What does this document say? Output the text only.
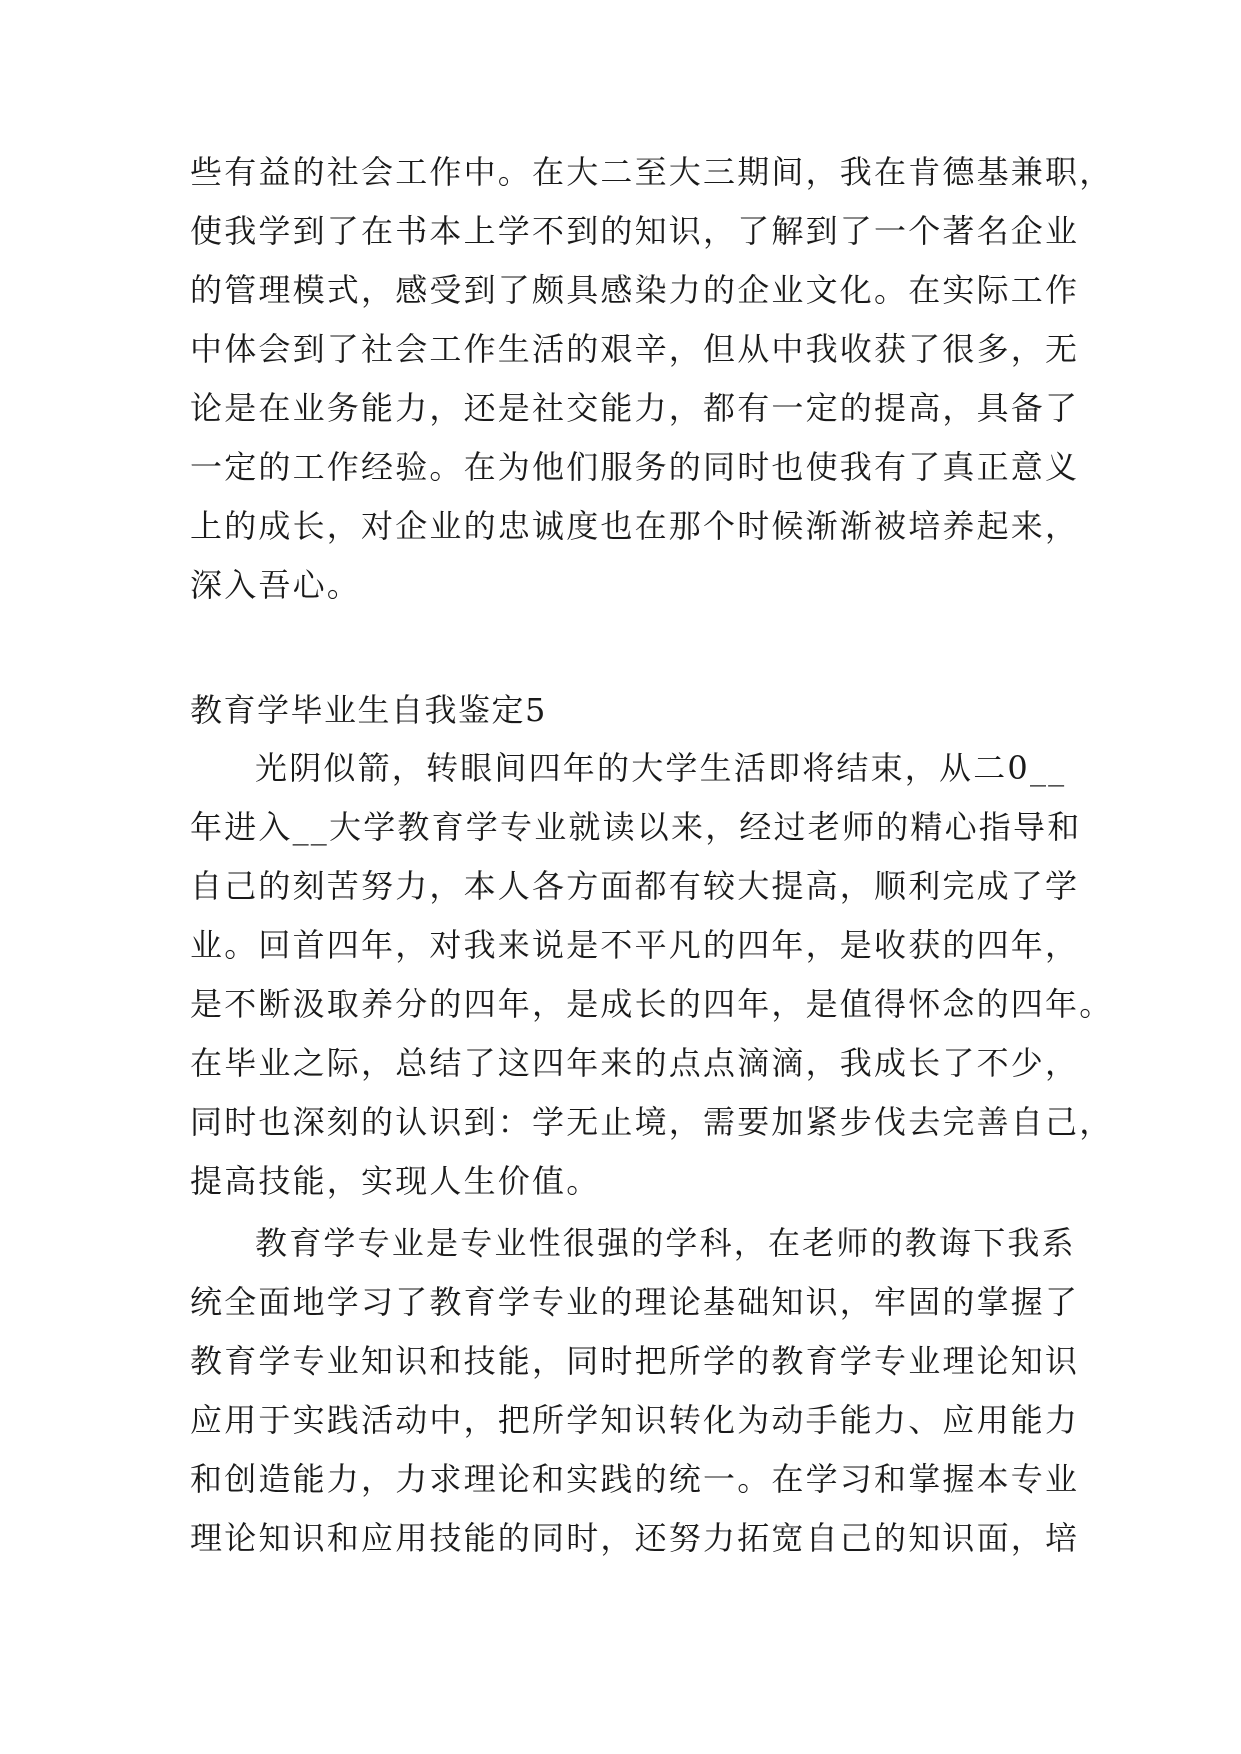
些有益的社会工作中。在大二至大三期间，我在肯德基兼职，
使我学到了在书本上学不到的知识，了解到了一个著名企业
的管理模式，感受到了颇具感染力的企业文化。在实际工作
中体会到了社会工作生活的艰辛，但从中我收获了很多，无
论是在业务能力，还是社交能力，都有一定的提高，具备了
一定的工作经验。在为他们服务的同时也使我有了真正意义
上的成长，对企业的忠诚度也在那个时候渐渐被培养起来，
深入吾心。
教育学毕业生自我鉴定5
光阴似箭，转眼间四年的大学生活即将结束，从二0__
年进入__大学教育学专业就读以来，经过老师的精心指导和
自己的刻苦努力，本人各方面都有较大提高，顺利完成了学
业。回首四年，对我来说是不平凡的四年，是收获的四年，
是不断汲取养分的四年，是成长的四年，是值得怀念的四年。
在毕业之际，总结了这四年来的点点滴滴，我成长了不少，
同时也深刻的认识到：学无止境，需要加紧步伐去完善自己，
提高技能，实现人生价值。
教育学专业是专业性很强的学科，在老师的教诲下我系
统全面地学习了教育学专业的理论基础知识，牢固的掌握了
教育学专业知识和技能，同时把所学的教育学专业理论知识
应用于实践活动中，把所学知识转化为动手能力、应用能力
和创造能力，力求理论和实践的统一。在学习和掌握本专业
理论知识和应用技能的同时，还努力拓宽自己的知识面，培
